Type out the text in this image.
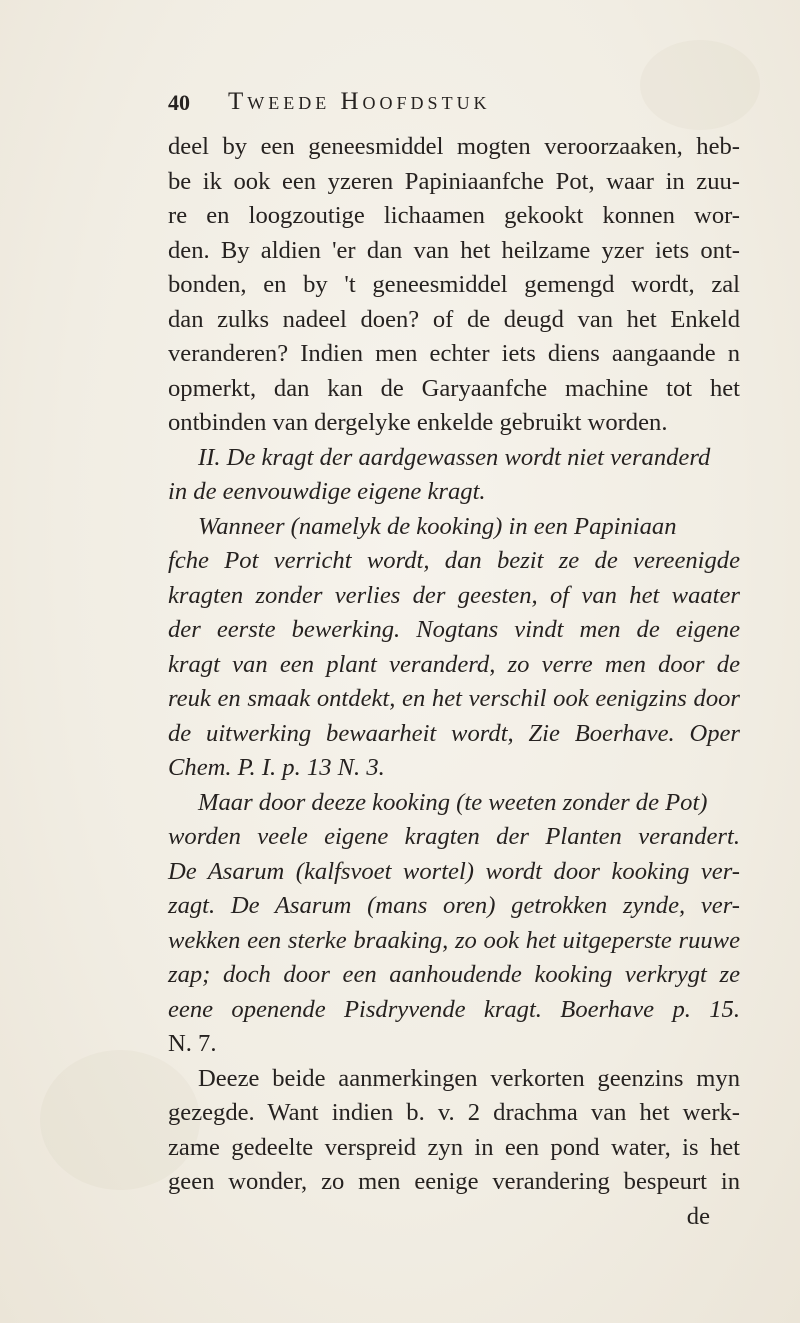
40 Tweede Hoofdstuk
deel by een geneesmiddel mogten veroorzaaken, heb-
be ik ook een yzeren Papiniaanfche Pot, waar in zuu-
re en loogzoutige lichaamen gekookt konnen wor-
den. By aldien 'er dan van het heilzame yzer iets ont-
bonden, en by 't geneesmiddel gemengd wordt, zal
dan zulks nadeel doen? of de deugd van het Enkeld
veranderen? Indien men echter iets diens aangaande n
opmerkt, dan kan de Garyaanfche machine tot het
ontbinden van dergelyke enkelde gebruikt worden.
II. De kragt der aardgewassen wordt niet veranderd
in de eenvouwdige eigene kragt.
Wanneer (namelyk de kooking) in een Papiniaan
fche Pot verricht wordt, dan bezit ze de vereenigde
kragten zonder verlies der geesten, of van het waater
der eerste bewerking. Nogtans vindt men de eigene
kragt van een plant veranderd, zo verre men door de
reuk en smaak ontdekt, en het verschil ook eenigzins door
de uitwerking bewaarheit wordt, Zie Boerhave. Oper
Chem. P. I. p. 13 N. 3.
Maar door deeze kooking (te weeten zonder de Pot)
worden veele eigene kragten der Planten verandert.
De Asarum (kalfsvoet wortel) wordt door kooking ver-
zagt. De Asarum (mans oren) getrokken zynde, ver-
wekken een sterke braaking, zo ook het uitgeperste ruuwe
zap; doch door een aanhoudende kooking verkrygt ze
eene openende Pisdryvende kragt. Boerhave p. 15.
N. 7.
Deeze beide aanmerkingen verkorten geenzins myn
gezegde. Want indien b. v. 2 drachma van het werk-
zame gedeelte verspreid zyn in een pond water, is het
geen wonder, zo men eenige verandering bespeurt in
de
